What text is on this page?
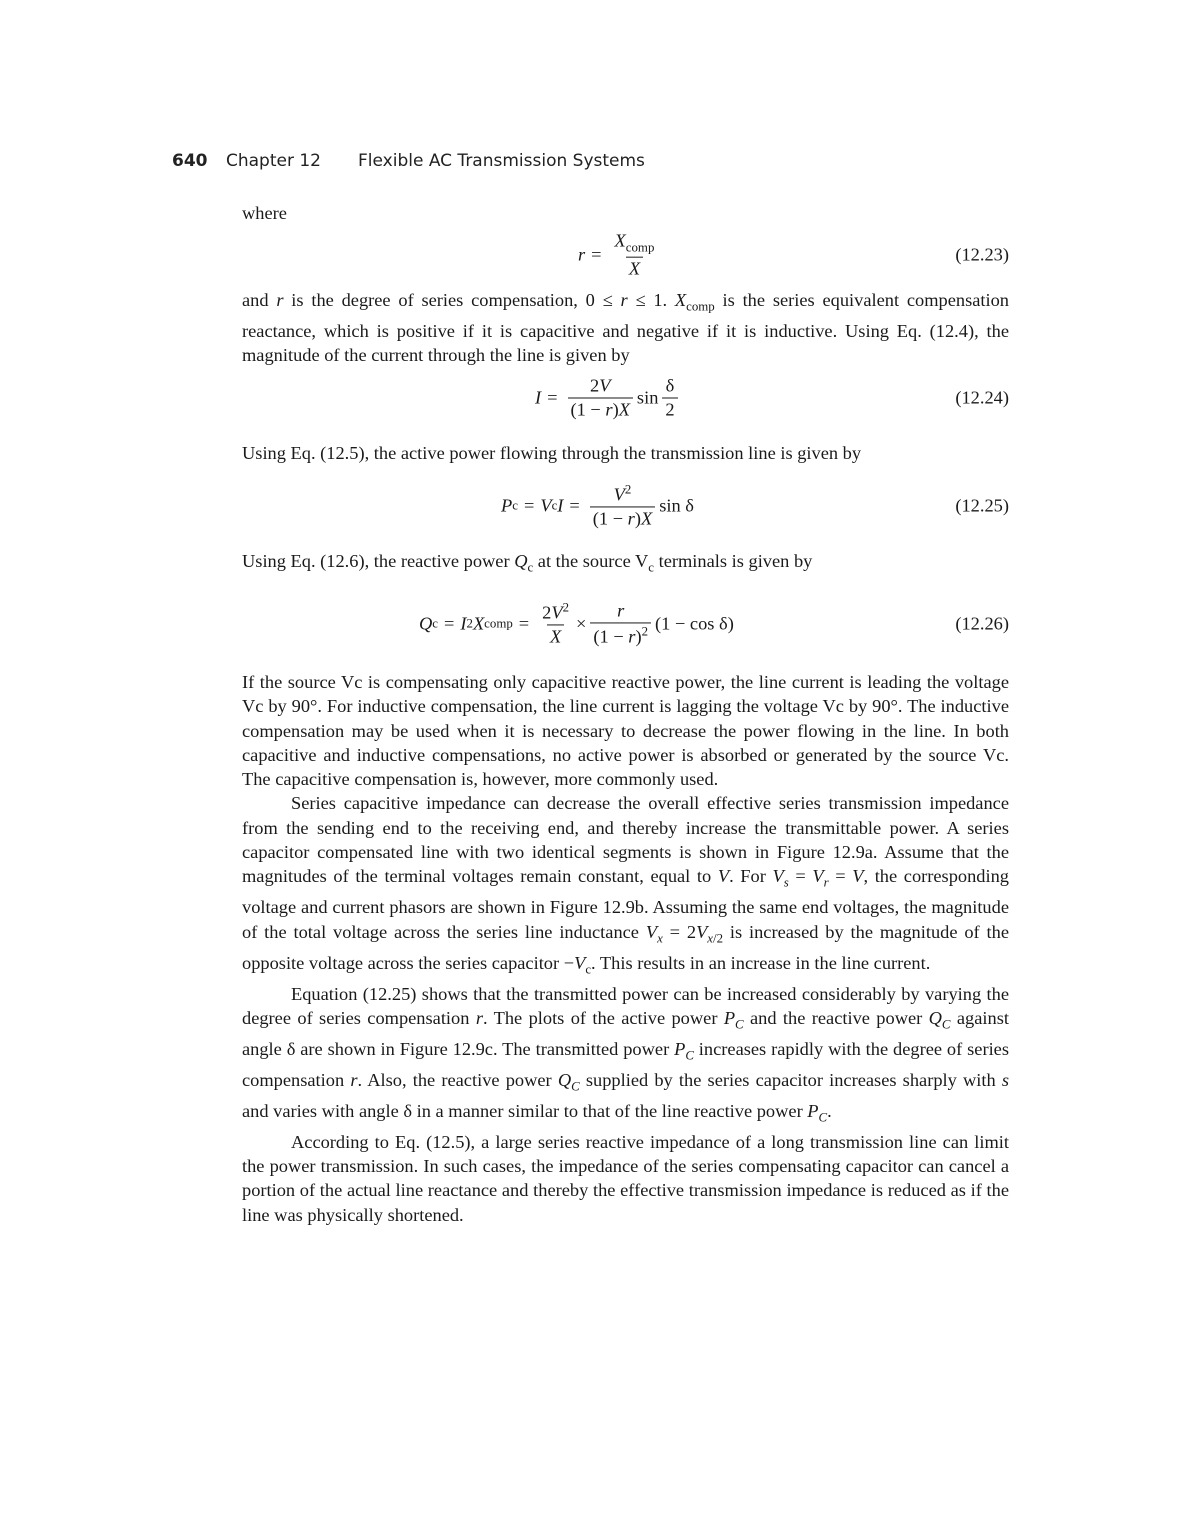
640 Chapter 12 Flexible AC Transmission Systems
where
$r = \frac{X_{comp}}{X}$	(12.23)

and r is the degree of series compensation, 0 ≤ r ≤ 1. $X_{comp}$ is the series equivalent compensation reactance, which is positive if it is capacitive and negative if it is inductive. Using Eq. (12.4), the magnitude of the current through the line is given by

$I = \frac{2V}{(1 - r)X}$ $\sin \frac{\delta}{2}$	(12.24)

Using Eq. (12.5), the active power flowing through the transmission line is given by

P c = V c $I = \frac{V^2}{(1 - r)X}$ sin δ	(12.25)

Using Eq. (12.6), the reactive power $Q_c$ at the source $V_c$ terminals is given by

Q c = I 2 X comp = $\frac{2V^2}{X} \times \frac{r}{(1 - r)^2} (1 - \cos \delta)$	(12.26)

If the source Vc is compensating only capacitive reactive power, the line current is leading the voltage Vc by 90°. For inductive compensation, the line current is lagging the voltage Vc by 90°. The inductive compensation may be used when it is necessary to decrease the power flowing in the line. In both capacitive and inductive compensations, no active power is absorbed or generated by the source Vc. The capacitive compensation is, however, more commonly used.

Series capacitive impedance can decrease the overall effective series transmission impedance from the sending end to the receiving end, and thereby increase the transmittable power. A series capacitor compensated line with two identical segments is shown in Figure 12.9a. Assume that the magnitudes of the terminal voltages remain constant, equal to V. For $V_s = V_r = V$, the corresponding voltage and current phasors are shown in Figure 12.9b. Assuming the same end voltages, the magnitude of the total voltage across the series line inductance $V_x = 2V_{x/2}$ is increased by the magnitude of the opposite voltage across the series capacitor $-V_c$. This results in an increase in the line current.

Equation (12.25) shows that the transmitted power can be increased considerably by varying the degree of series compensation r. The plots of the active power $P_C$ and the reactive power $Q_C$ against angle δ are shown in Figure 12.9c. The transmitted power $P_C$ increases rapidly with the degree of series compensation r. Also, the reactive power $Q_C$ supplied by the series capacitor increases sharply with s and varies with angle δ in a manner similar to that of the line reactive power $P_C$.

According to Eq. (12.5), a large series reactive impedance of a long transmission line can limit the power transmission. In such cases, the impedance of the series compensating capacitor can cancel a portion of the actual line reactance and thereby the effective transmission impedance is reduced as if the line was physically shortened.
